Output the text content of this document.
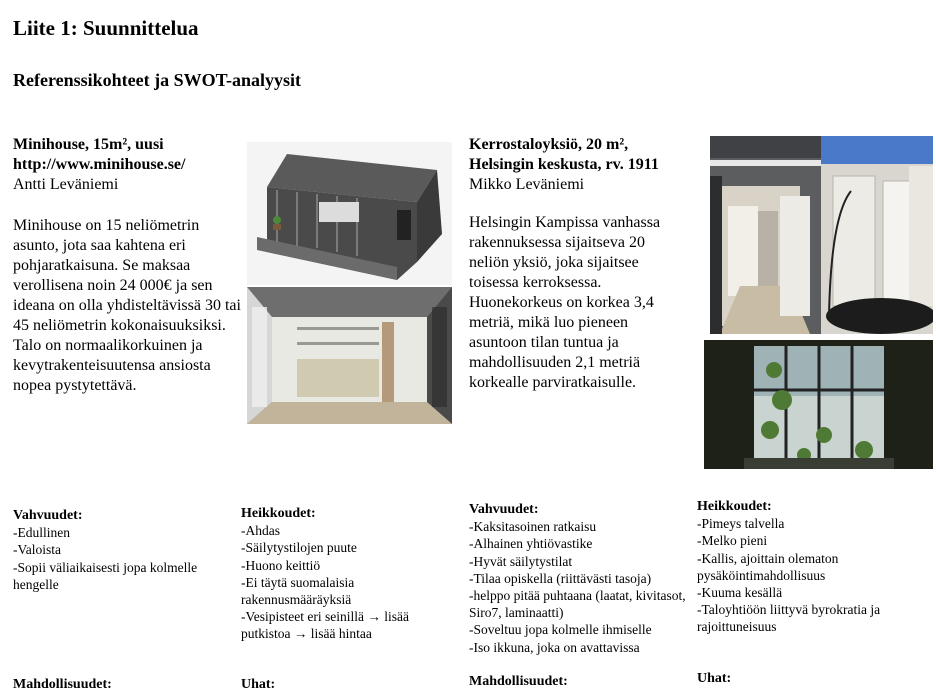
Liite 1: Suunnittelua
Referenssikohteet ja SWOT-analyysit
Minihouse, 15m², uusi
http://www.minihouse.se/
Antti Leväniemi
Minihouse on 15 neliömetrin asunto, jota saa kahtena eri pohjaratkaisuna. Se maksaa verollisena noin 24 000€ ja sen ideana on olla yhdisteltävissä 30 tai 45 neliömetrin kokonaisuuksiksi. Talo on normaalikorkuinen ja kevytrakenteisuutensa ansiosta nopea pystytettävä.
Kerrostaloyksiö, 20 m²,
Helsingin keskusta, rv. 1911
Mikko Leväniemi
Helsingin Kampissa vanhassa rakennuksessa sijaitseva 20 neliön yksiö, joka sijaitsee toisessa kerroksessa. Huonekorkeus on korkea 3,4 metriä, mikä luo pieneen asuntoon tilan tuntua ja mahdollisuuden 2,1 metriä korkealle parviratkaisulle.
Vahvuudet:
-Edullinen
-Valoista
-Sopii väliaikaisesti jopa kolmelle hengelle
Heikkoudet:
-Ahdas
-Säilytystilojen puute
-Huono keittiö
-Ei täytä suomalaisia rakennusmääräyksiä
-Vesipisteet eri seinillä → lisää putkistoa → lisää hintaa
Mahdollisuudet:	Uhat:
Vahvuudet:
-Kaksitasoinen ratkaisu
-Alhainen yhtiövastike
-Hyvät säilytystilat
-Tilaa opiskella (riittävästi tasoja)
-helppo pitää puhtaana (laatat, kivitasot, Siro7, laminaatti)
-Soveltuu jopa kolmelle ihmiselle
-Iso ikkuna, joka on avattavissa
Heikkoudet:
-Pimeys talvella
-Melko pieni
-Kallis, ajoittain olematon pysäköintimahdollisuus
-Kuuma kesällä
-Taloyhtiöön liittyvä byrokratia ja rajoittuneisuus
Mahdollisuudet:	Uhat:
